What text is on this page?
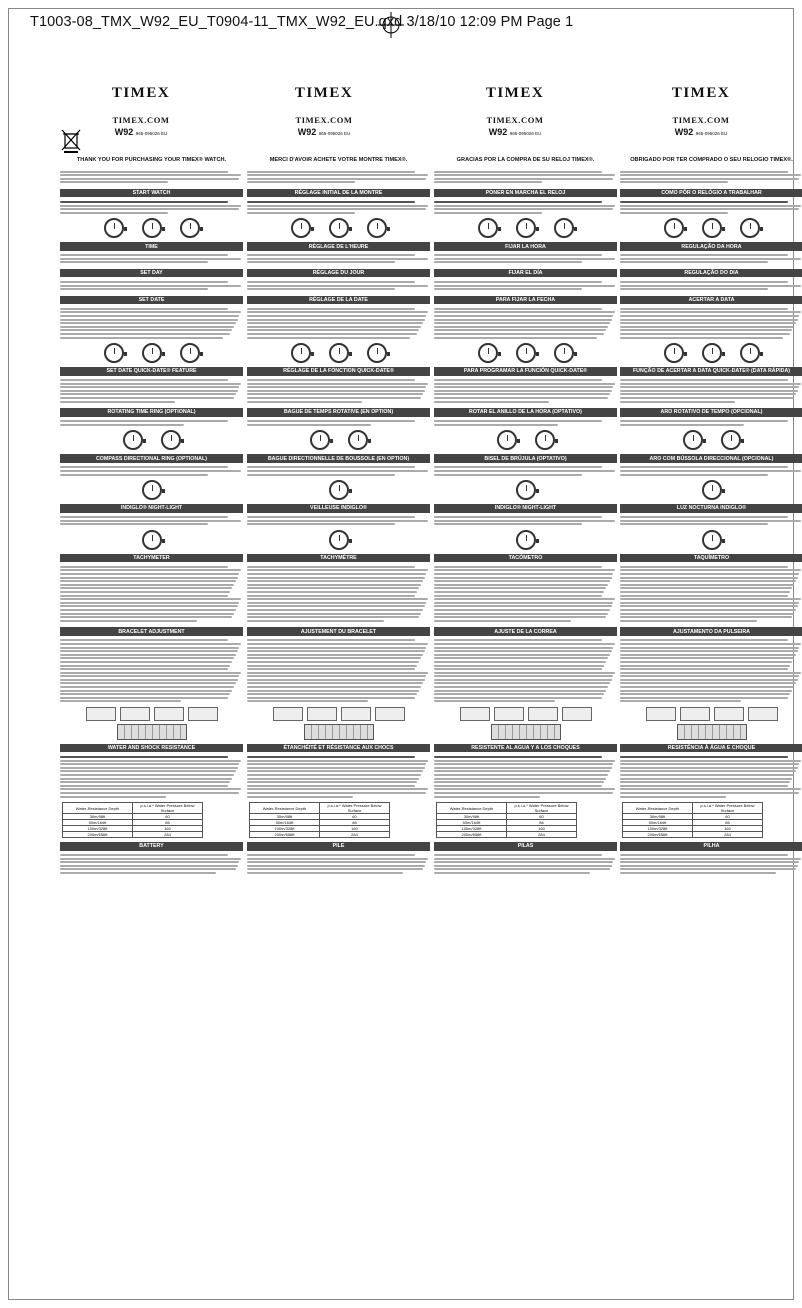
T1003-08_TMX_W92_EU_T0904-11_TMX_W92_EU.qxd 3/18/10 12:09 PM Page 1
TIMEX
TIMEX.COM
W92 965-095026 EU
THANK YOU FOR PURCHASING YOUR TIMEX® WATCH.
START WATCH
TIME
SET DAY
SET DATE
SET DATE QUICK-DATE® FEATURE
ROTATING TIME RING (OPTIONAL)
COMPASS DIRECTIONAL RING (OPTIONAL)
INDIGLO® NIGHT-LIGHT
TACHYMETER
BRACELET ADJUSTMENT
WATER AND SHOCK RESISTANCE
Water-Resistance Depth	p.s.i.a.* Water Pressure Below Surface
30m/98ft	60
50m/164ft	86
100m/328ft	160
200m/656ft	284
BATTERY
TIMEX
TIMEX.COM
W92 965-095026 EU
MERCI D'AVOIR ACHETÉ VOTRE MONTRE TIMEX®.
RÉGLAGE INITIAL DE LA MONTRE
RÉGLAGE DE L'HEURE
RÉGLAGE DU JOUR
RÉGLAGE DE LA DATE
RÉGLAGE DE LA FONCTION QUICK-DATE®
BAGUE DE TEMPS ROTATIVE (EN OPTION)
BAGUE DIRECTIONNELLE DE BOUSSOLE (EN OPTION)
VEILLEUSE INDIGLO®
TACHYMÈTRE
AJUSTEMENT DU BRACELET
ÉTANCHÉITÉ ET RÉSISTANCE AUX CHOCS
Water-Resistance Depth	p.s.i.a.* Water Pressure Below Surface
30m/98ft	60
50m/164ft	86
100m/328ft	160
200m/656ft	284
PILE
TIMEX
TIMEX.COM
W92 965-095026 EU
GRACIAS POR LA COMPRA DE SU RELOJ TIMEX®.
PONER EN MARCHA EL RELOJ
FIJAR LA HORA
FIJAR EL DÍA
PARA FIJAR LA FECHA
PARA PROGRAMAR LA FUNCIÓN QUICK-DATE®
ROTAR EL ANILLO DE LA HORA (OPTATIVO)
BISEL DE BRÚJULA (OPTATIVO)
INDIGLO® NIGHT-LIGHT
TACÓMETRO
AJUSTE DE LA CORREA
RESISTENTE AL AGUA Y A LOS CHOQUES
Water-Resistance Depth	p.s.i.a.* Water Pressure Below Surface
30m/98ft	60
50m/164ft	86
100m/328ft	160
200m/656ft	284
PILAS
TIMEX
TIMEX.COM
W92 965-095026 EU
OBRIGADO POR TER COMPRADO O SEU RELÓGIO TIMEX®.
COMO PÔR O RELÓGIO A TRABALHAR
REGULAÇÃO DA HORA
REGULAÇÃO DO DIA
ACERTAR A DATA
FUNÇÃO DE ACERTAR A DATA QUICK-DATE® (DATA RÁPIDA)
ARO ROTATIVO DE TEMPO (OPCIONAL)
ARO COM BÚSSOLA DIRECCIONAL (OPCIONAL)
LUZ NOCTURNA INDIGLO®
TAQUÍMETRO
AJUSTAMENTO DA PULSEIRA
RESISTÊNCIA À ÁGUA E CHOQUE
Water-Resistance Depth	p.s.i.a.* Water Pressure Below Surface
30m/98ft	60
50m/164ft	86
100m/328ft	160
200m/656ft	284
PILHA
